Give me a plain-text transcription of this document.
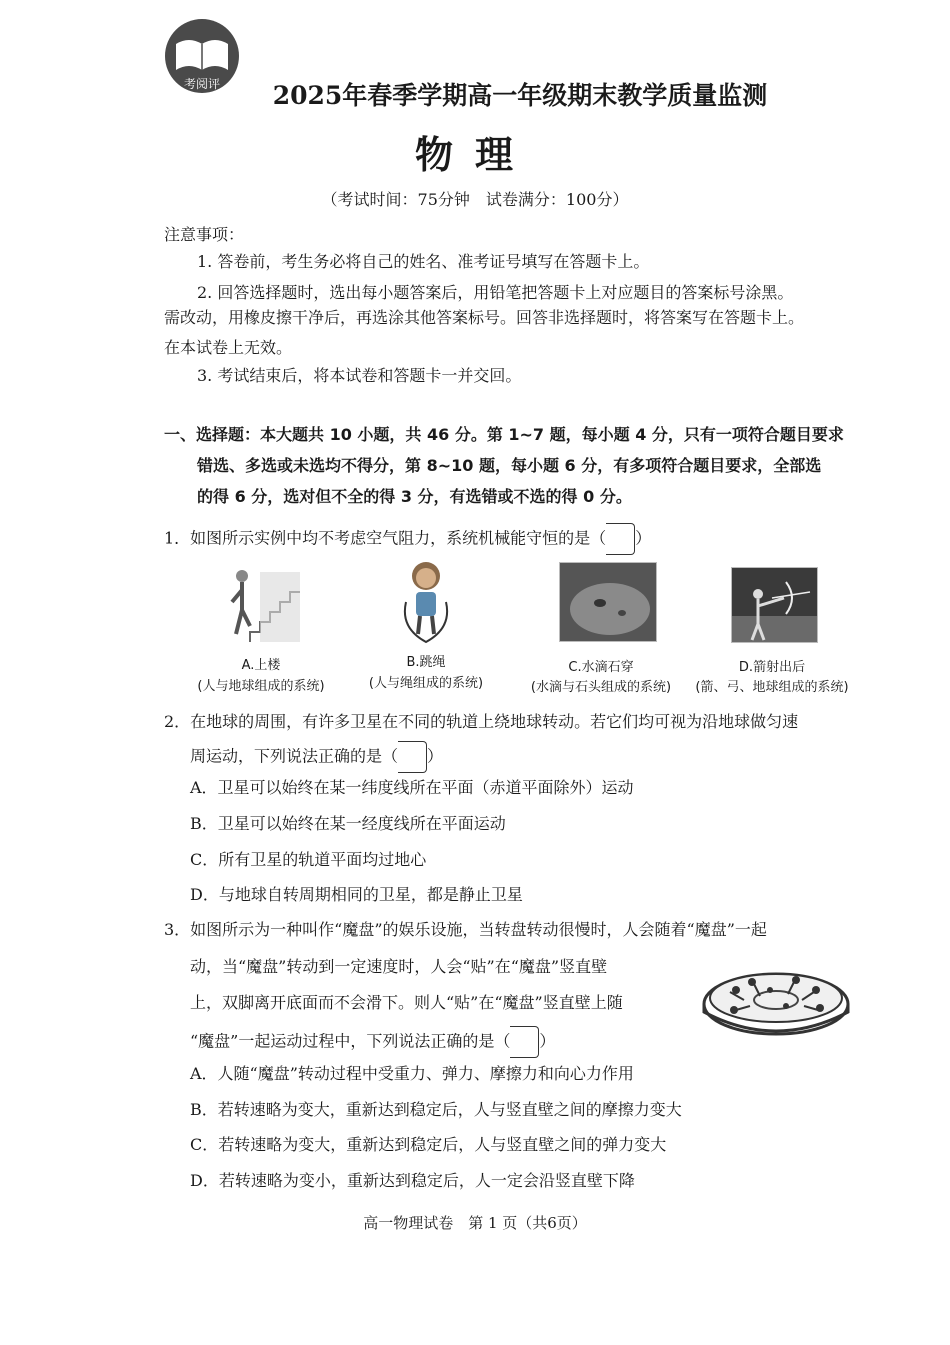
考阅评	2025年春季学期高一年级期末教学质量监测
物理
（考试时间：75分钟　试卷满分：100分）
注意事项：
1. 答卷前，考生务必将自己的姓名、准考证号填写在答题卡上。
2. 回答选择题时，选出每小题答案后，用铅笔把答题卡上对应题目的答案标号涂黑。
需改动，用橡皮擦干净后，再选涂其他答案标号。回答非选择题时，将答案写在答题卡上。
在本试卷上无效。
3. 考试结束后，将本试卷和答题卡一并交回。
一、选择题：本大题共 10 小题，共 46 分。第 1~7 题，每小题 4 分，只有一项符合题目要求
错选、多选或未选均不得分，第 8~10 题，每小题 6 分，有多项符合题目要求，全部选
的得 6 分，选对但不全的得 3 分，有选错或不选的得 0 分。
1．如图所示实例中均不考虑空气阻力，系统机械能守恒的是（ ）
A.上楼
(人与地球组成的系统)
B.跳绳
(人与绳组成的系统)
C.水滴石穿
(水滴与石头组成的系统)
D.箭射出后
(箭、弓、地球组成的系统)
2．在地球的周围，有许多卫星在不同的轨道上绕地球转动。若它们均可视为沿地球做匀速
周运动，下列说法正确的是（ ）
A．卫星可以始终在某一纬度线所在平面（赤道平面除外）运动
B．卫星可以始终在某一经度线所在平面运动
C．所有卫星的轨道平面均过地心
D．与地球自转周期相同的卫星，都是静止卫星
3．如图所示为一种叫作“魔盘”的娱乐设施，当转盘转动很慢时，人会随着“魔盘”一起
动，当“魔盘”转动到一定速度时，人会“贴”在“魔盘”竖直壁
上，双脚离开底面而不会滑下。则人“贴”在“魔盘”竖直壁上随
“魔盘”一起运动过程中，下列说法正确的是（ ）
A．人随“魔盘”转动过程中受重力、弹力、摩擦力和向心力作用
B．若转速略为变大，重新达到稳定后，人与竖直壁之间的摩擦力变大
C．若转速略为变大，重新达到稳定后，人与竖直壁之间的弹力变大
D．若转速略为变小，重新达到稳定后，人一定会沿竖直壁下降
高一物理试卷　第 1 页（共6页）
